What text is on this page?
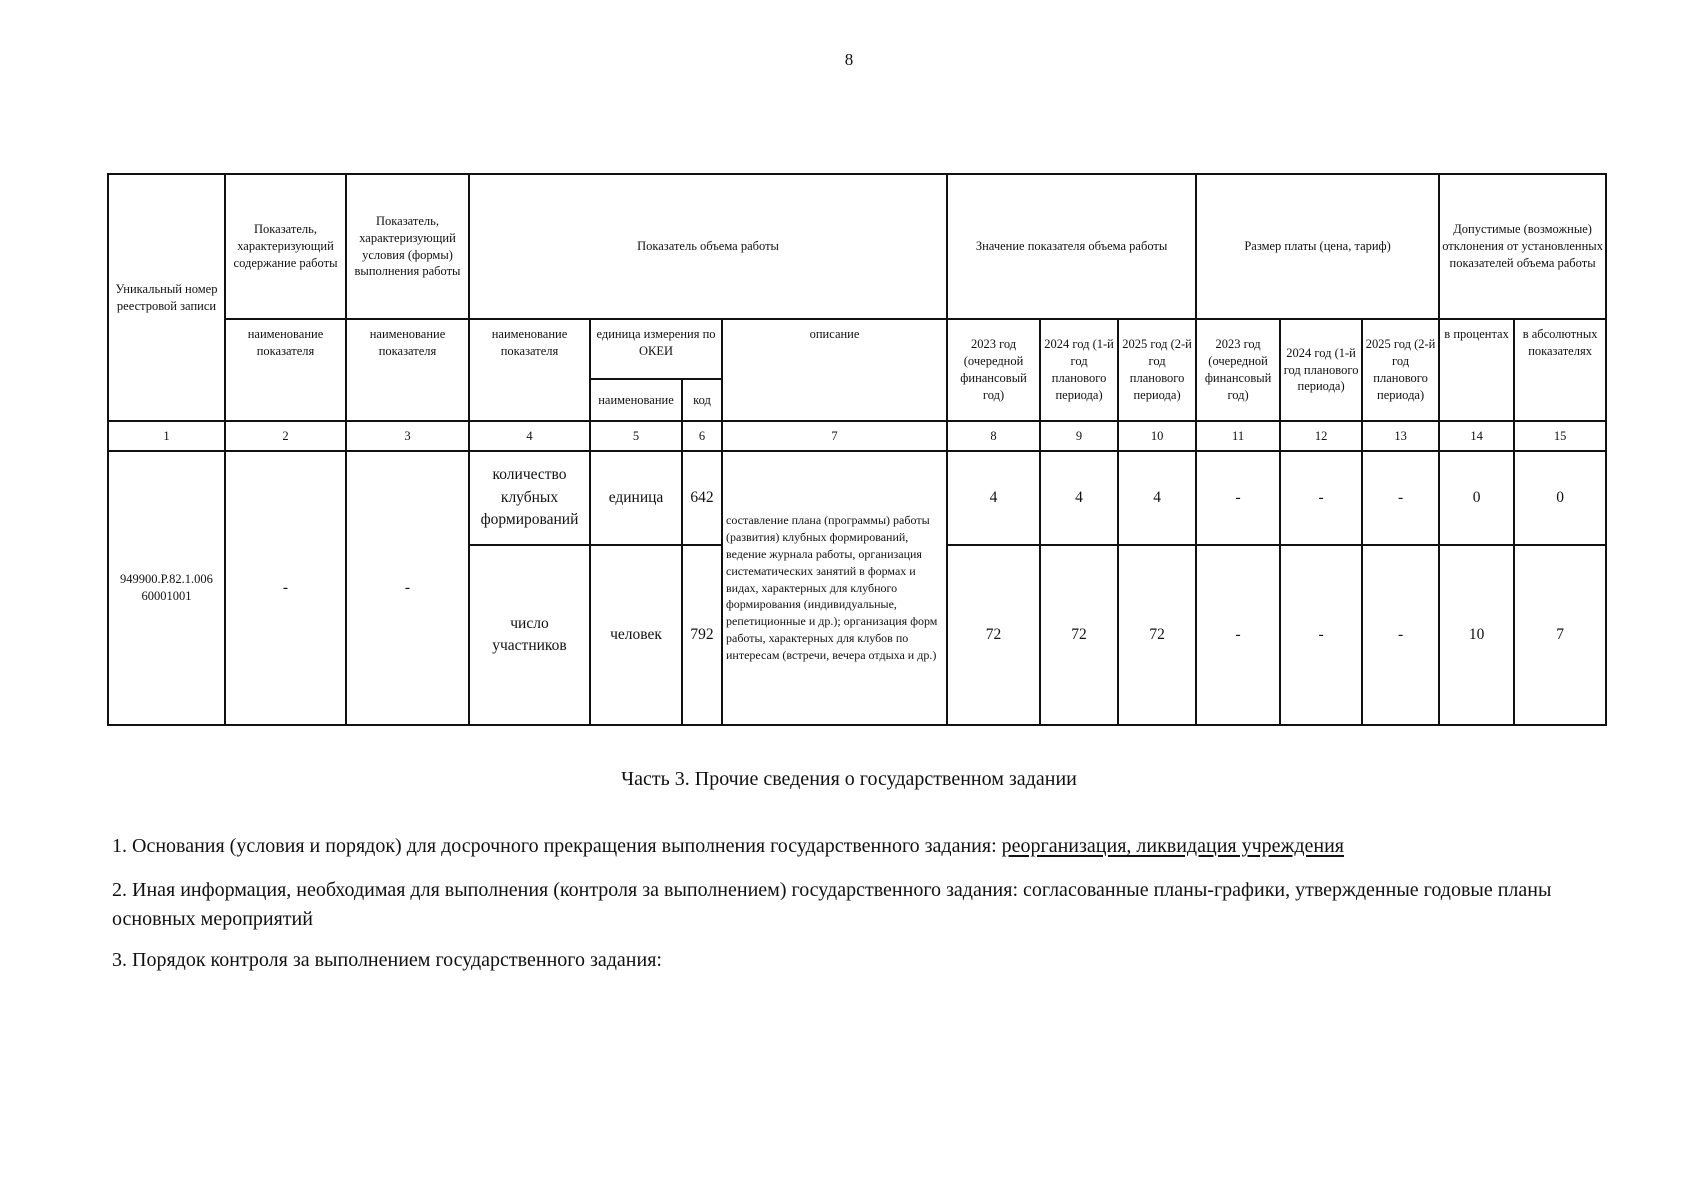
8
Уникальный номер реестровой записи	Показатель, характеризующий содержание работы	Показатель, характеризующий условия (формы) выполнения работы	Показатель объема работы				Значение показателя объема работы			Размер платы (цена, тариф)			Допустимые (возможные) отклонения от установленных показателей объема работы	
	наименование показателя	наименование показателя	наименование показателя	единица измерения по ОКЕИ		описание	2023 год (очередной финансовый год)	2024 год (1-й год планового периода)	2025 год (2-й год планового периода)	2023 год (очередной финансовый год)	2024 год (1-й год планового периода)	2025 год (2-й год планового периода)	в процентах	в абсолютных показателях
				наименование	код									
1	2	3	4	5	6	7	8	9	10	11	12	13	14	15
949900.Р.82.1.006 60001001	-	-	количество клубных формирований	единица	642	составление плана (программы) работы (развития) клубных формирований, ведение журнала работы, организация систематических занятий в формах и видах, характерных для клубного формирования (индивидуальные, репетиционные и др.); организация форм работы, характерных для клубов по интересам (встречи, вечера отдыха и др.)	4	4	4	-	-	-	0	0
			число участников	человек	792		72	72	72	-	-	-	10	7
Часть 3. Прочие сведения о государственном задании
1. Основания (условия и порядок) для досрочного прекращения выполнения государственного задания: реорганизация, ликвидация учреждения
2. Иная информация, необходимая для выполнения (контроля за выполнением) государственного задания: согласованные планы-графики, утвержденные годовые планы основных мероприятий
3. Порядок контроля за выполнением государственного задания:
